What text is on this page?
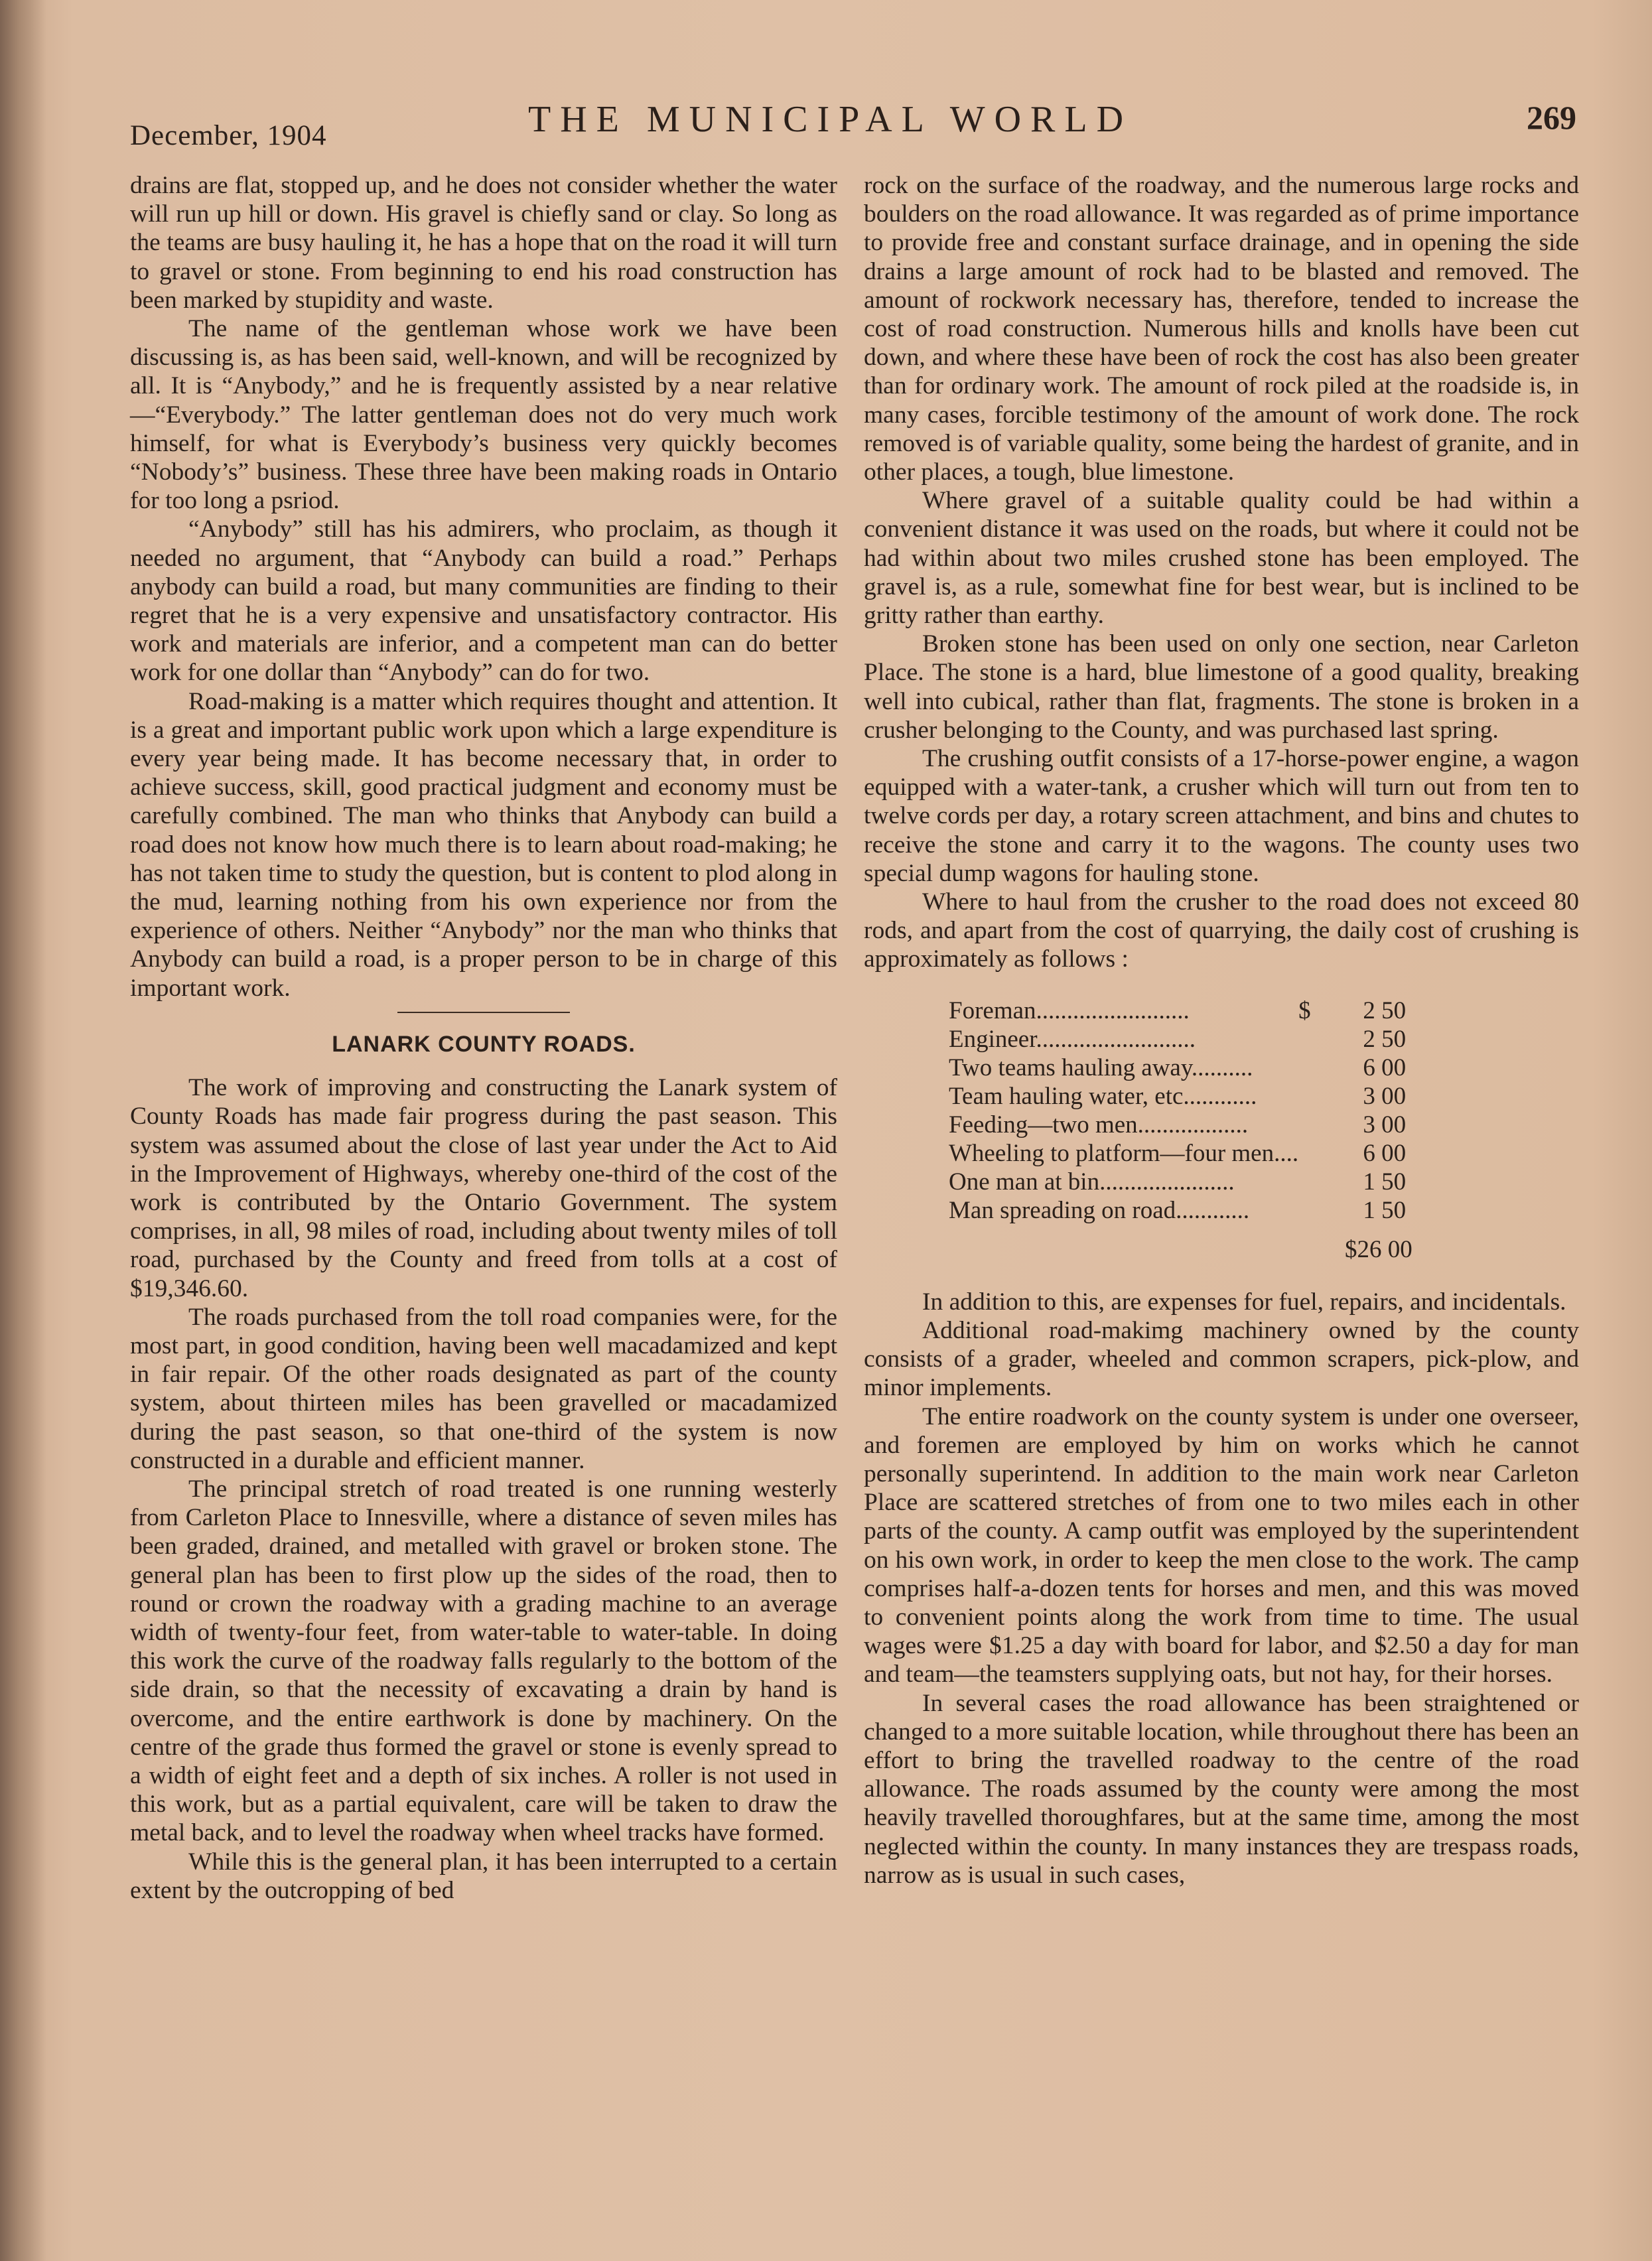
December, 1904	THE MUNICIPAL WORLD	269

drains are flat, stopped up, and he does not consider whether the water will run up hill or down. His gravel is chiefly sand or clay. So long as the teams are busy hauling it, he has a hope that on the road it will turn to gravel or stone. From beginning to end his road construction has been marked by stupidity and waste.

The name of the gentleman whose work we have been discussing is, as has been said, well-known, and will be recognized by all. It is “Anybody,” and he is frequently assisted by a near relative—“Everybody.” The latter gentleman does not do very much work himself, for what is Everybody’s business very quickly becomes “Nobody’s” business. These three have been making roads in Ontario for too long a psriod.

“Anybody” still has his admirers, who proclaim, as though it needed no argument, that “Anybody can build a road.” Perhaps anybody can build a road, but many communities are finding to their regret that he is a very expensive and unsatisfactory contractor. His work and materials are inferior, and a competent man can do better work for one dollar than “Anybody” can do for two.

Road-making is a matter which requires thought and attention. It is a great and important public work upon which a large expenditure is every year being made. It has become necessary that, in order to achieve success, skill, good practical judgment and economy must be carefully combined. The man who thinks that Anybody can build a road does not know how much there is to learn about road-making; he has not taken time to study the question, but is content to plod along in the mud, learning nothing from his own experience nor from the experience of others. Neither “Anybody” nor the man who thinks that Anybody can build a road, is a proper person to be in charge of this important work.

LANARK COUNTY ROADS.

The work of improving and constructing the Lanark system of County Roads has made fair progress during the past season. This system was assumed about the close of last year under the Act to Aid in the Improvement of Highways, whereby one-third of the cost of the work is contributed by the Ontario Government. The system comprises, in all, 98 miles of road, including about twenty miles of toll road, purchased by the County and freed from tolls at a cost of $19,346.60.

The roads purchased from the toll road companies were, for the most part, in good condition, having been well macadamized and kept in fair repair. Of the other roads designated as part of the county system, about thirteen miles has been gravelled or macadamized during the past season, so that one-third of the system is now constructed in a durable and efficient manner.

The principal stretch of road treated is one running westerly from Carleton Place to Innesville, where a distance of seven miles has been graded, drained, and metalled with gravel or broken stone. The general plan has been to first plow up the sides of the road, then to round or crown the roadway with a grading machine to an average width of twenty-four feet, from water-table to water-table. In doing this work the curve of the roadway falls regularly to the bottom of the side drain, so that the necessity of excavating a drain by hand is overcome, and the entire earthwork is done by machinery. On the centre of the grade thus formed the gravel or stone is evenly spread to a width of eight feet and a depth of six inches. A roller is not used in this work, but as a partial equivalent, care will be taken to draw the metal back, and to level the roadway when wheel tracks have formed.

While this is the general plan, it has been interrupted to a certain extent by the outcropping of bed

rock on the surface of the roadway, and the numerous large rocks and boulders on the road allowance. It was regarded as of prime importance to provide free and constant surface drainage, and in opening the side drains a large amount of rock had to be blasted and removed. The amount of rockwork necessary has, therefore, tended to increase the cost of road construction. Numerous hills and knolls have been cut down, and where these have been of rock the cost has also been greater than for ordinary work. The amount of rock piled at the roadside is, in many cases, forcible testimony of the amount of work done. The rock removed is of variable quality, some being the hardest of granite, and in other places, a tough, blue limestone.

Where gravel of a suitable quality could be had within a convenient distance it was used on the roads, but where it could not be had within about two miles crushed stone has been employed. The gravel is, as a rule, somewhat fine for best wear, but is inclined to be gritty rather than earthy.

Broken stone has been used on only one section, near Carleton Place. The stone is a hard, blue limestone of a good quality, breaking well into cubical, rather than flat, fragments. The stone is broken in a crusher belonging to the County, and was purchased last spring.

The crushing outfit consists of a 17-horse-power engine, a wagon equipped with a water-tank, a crusher which will turn out from ten to twelve cords per day, a rotary screen attachment, and bins and chutes to receive the stone and carry it to the wagons. The county uses two special dump wagons for hauling stone.

Where to haul from the crusher to the road does not exceed 80 rods, and apart from the cost of quarrying, the daily cost of crushing is approximately as follows :

Foreman.........................	$	2 50
Engineer..........................		2 50
Two teams hauling away..........		6 00
Team hauling water, etc............		3 00
Feeding—two men..................		3 00
Wheeling to platform—four men....		6 00
One man at bin......................		1 50
Man spreading on road............		1 50
$26 00

In addition to this, are expenses for fuel, repairs, and incidentals.

Additional road-makimg machinery owned by the county consists of a grader, wheeled and common scrapers, pick-plow, and minor implements.

The entire roadwork on the county system is under one overseer, and foremen are employed by him on works which he cannot personally superintend. In addition to the main work near Carleton Place are scattered stretches of from one to two miles each in other parts of the county. A camp outfit was employed by the superintendent on his own work, in order to keep the men close to the work. The camp comprises half-a-dozen tents for horses and men, and this was moved to convenient points along the work from time to time. The usual wages were $1.25 a day with board for labor, and $2.50 a day for man and team—the teamsters supplying oats, but not hay, for their horses.

In several cases the road allowance has been straightened or changed to a more suitable location, while throughout there has been an effort to bring the travelled roadway to the centre of the road allowance. The roads assumed by the county were among the most heavily travelled thoroughfares, but at the same time, among the most neglected within the county. In many instances they are trespass roads, narrow as is usual in such cases,
